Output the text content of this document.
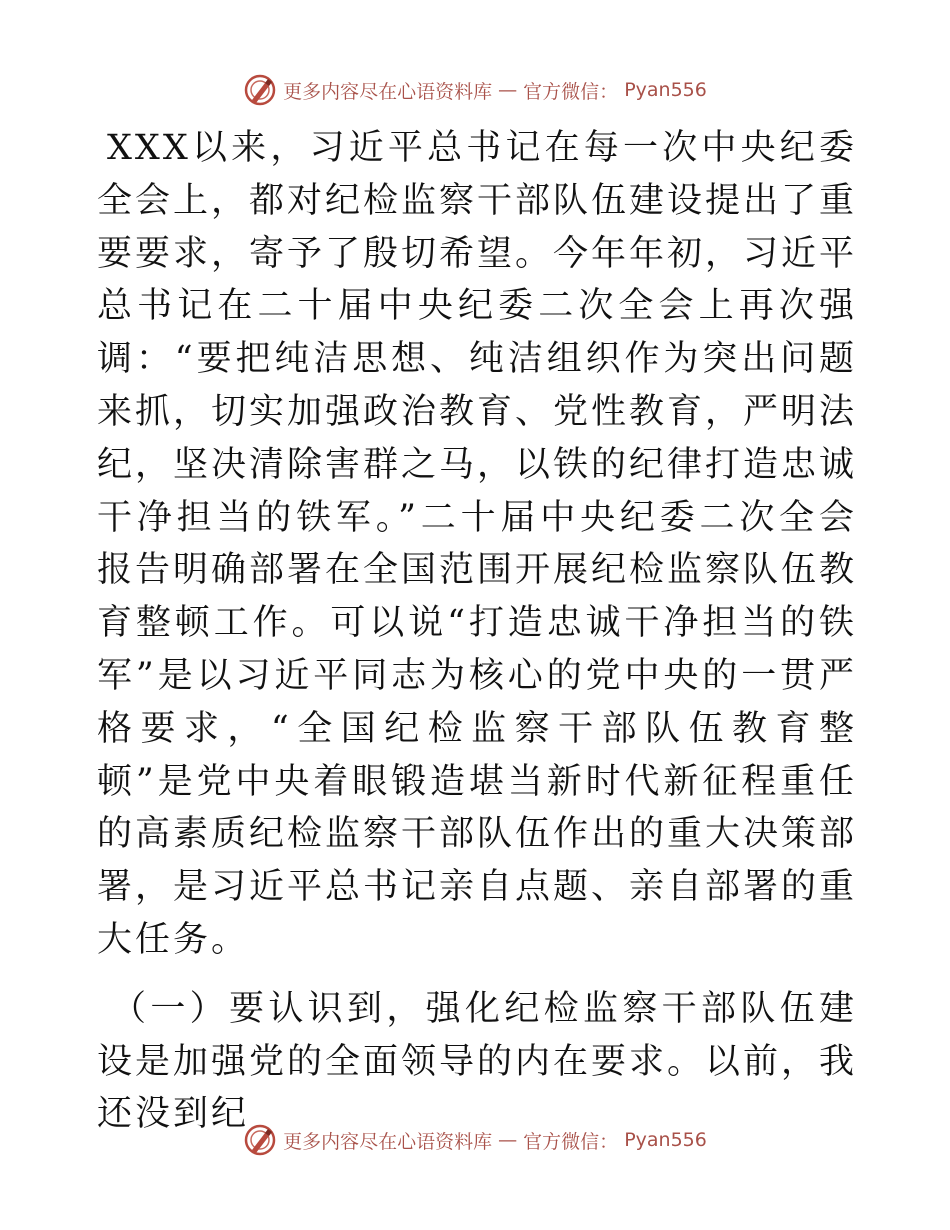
更多内容尽在心语资料库 — 官方微信： Pyan556

XXX以来，习近平总书记在每一次中央纪委全会上，都对纪检监察干部队伍建设提出了重要要求，寄予了殷切希望。今年年初，习近平总书记在二十届中央纪委二次全会上再次强调：“要把纯洁思想、纯洁组织作为突出问题来抓，切实加强政治教育、党性教育，严明法纪，坚决清除害群之马，以铁的纪律打造忠诚干净担当的铁军。”二十届中央纪委二次全会报告明确部署在全国范围开展纪检监察队伍教育整顿工作。可以说“打造忠诚干净担当的铁军”是以习近平同志为核心的党中央的一贯严格要求，“全国纪检监察干部队伍教育整顿”是党中央着眼锻造堪当新时代新征程重任的高素质纪检监察干部队伍作出的重大决策部署，是习近平总书记亲自点题、亲自部署的重大任务。

（一）要认识到，强化纪检监察干部队伍建设是加强党的全面领导的内在要求。以前，我还没到纪

更多内容尽在心语资料库 — 官方微信： Pyan556
